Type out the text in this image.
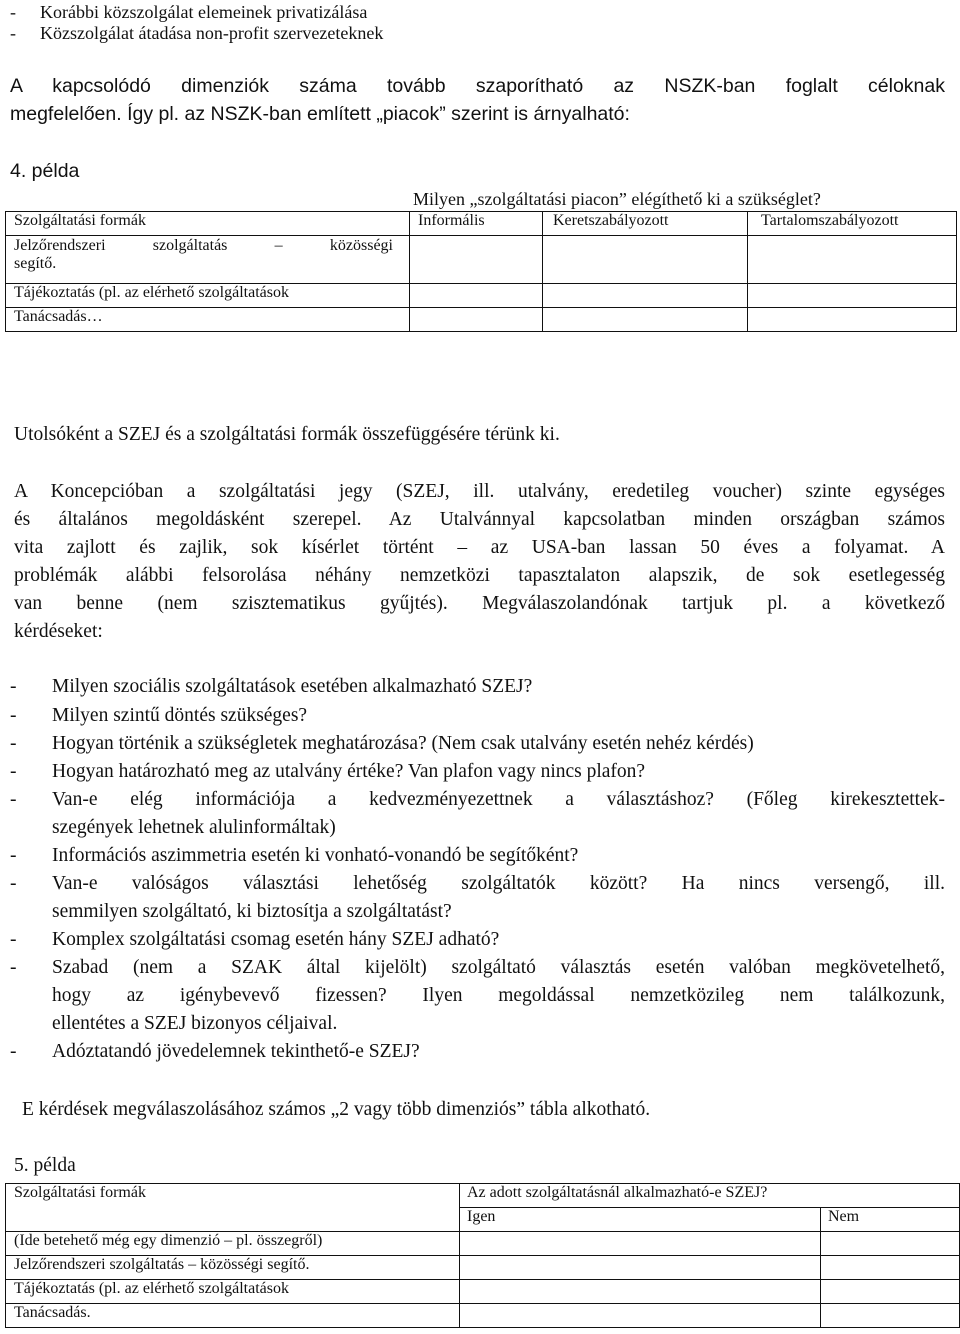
- Korábbi közszolgálat elemeinek privatizálása
- Közszolgálat átadása non-profit szervezeteknek
A kapcsolódó dimenziók száma tovább szaporítható az NSZK-ban foglalt céloknak
megfelelően. Így pl. az NSZK-ban említett „piacok” szerint is árnyalható:
4. példa
Milyen „szolgáltatási piacon” elégíthető ki a szükséglet?
Szolgáltatási formák	Informális	Keretszabályozott	Tartalomszabályozott

Jelzőrendszeri szolgáltatás – közösségi
segítő.			

Tájékoztatás (pl. az elérhető szolgáltatások			
Tanácsadás…			
Utolsóként a SZEJ és a szolgáltatási formák összefüggésére térünk ki.
A Koncepcióban a szolgáltatási jegy (SZEJ, ill. utalvány, eredetileg voucher) szinte egységes
és általános megoldásként szerepel. Az Utalvánnyal kapcsolatban minden országban számos
vita zajlott és zajlik, sok kísérlet történt – az USA-ban lassan 50 éves a folyamat. A
problémák alábbi felsorolása néhány nemzetközi tapasztalaton alapszik, de sok esetlegesség
van benne (nem szisztematikus gyűjtés). Megválaszolandónak tartjuk pl. a következő
kérdéseket:
- Milyen szociális szolgáltatások esetében alkalmazható SZEJ?
- Milyen szintű döntés szükséges?
- Hogyan történik a szükségletek meghatározása? (Nem csak utalvány esetén nehéz kérdés)
- Hogyan határozható meg az utalvány értéke? Van plafon vagy nincs plafon?
- Van-e elég információja a kedvezményezettnek a választáshoz? (Főleg kirekesztettek-
szegények lehetnek alulinformáltak)
- Információs aszimmetria esetén ki vonható-vonandó be segítőként?
- Van-e valóságos választási lehetőség szolgáltatók között? Ha nincs versengő, ill.
semmilyen szolgáltató, ki biztosítja a szolgáltatást?
- Komplex szolgáltatási csomag esetén hány SZEJ adható?
- Szabad (nem a SZAK által kijelölt) szolgáltató választás esetén valóban megkövetelhető,
hogy az igénybevevő fizessen? Ilyen megoldással nemzetközileg nem találkozunk,
ellentétes a SZEJ bizonyos céljaival.
- Adóztatandó jövedelemnek tekinthető-e SZEJ?
E kérdések megválaszolásához számos „2 vagy több dimenziós” tábla alkotható.
5. példa
Szolgáltatási formák	Az adott szolgáltatásnál alkalmazható-e SZEJ?	
	Igen	Nem
(Ide betehető még egy dimenzió – pl. összegről)		
Jelzőrendszeri szolgáltatás – közösségi segítő.		
Tájékoztatás (pl. az elérhető szolgáltatások		
Tanácsadás.		
